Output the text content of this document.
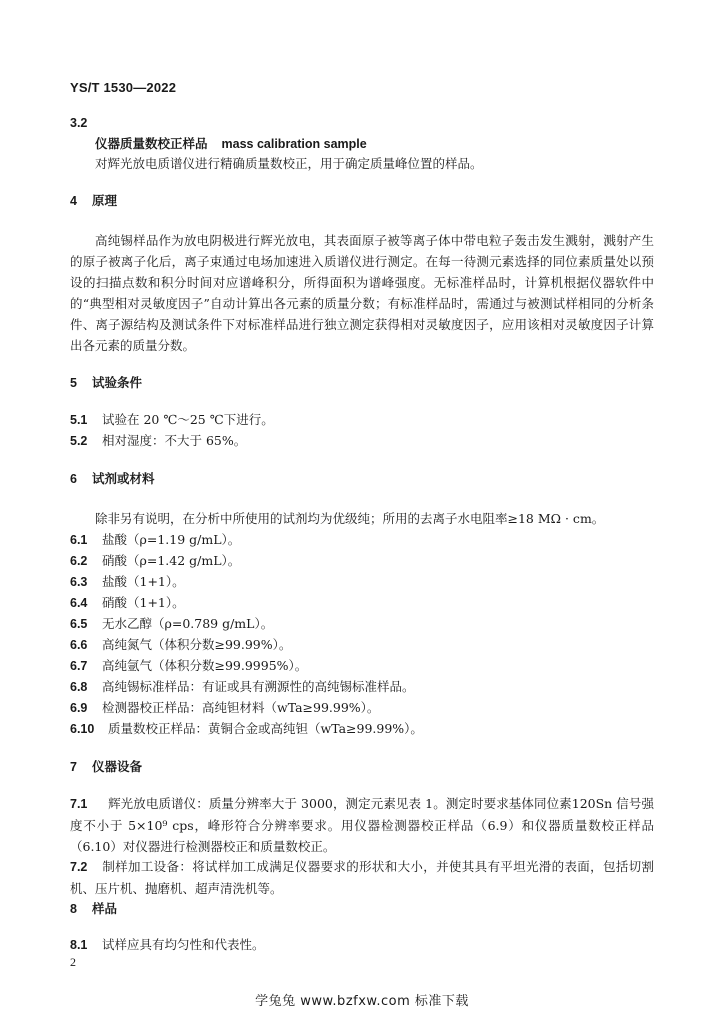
YS/T 1530—2022
3.2
仪器质量数校正样品 mass calibration sample
对辉光放电质谱仪进行精确质量数校正，用于确定质量峰位置的样品。
4 原理
高纯锡样品作为放电阴极进行辉光放电，其表面原子被等离子体中带电粒子轰击发生溅射，溅射产生的原子被离子化后，离子束通过电场加速进入质谱仪进行测定。在每一待测元素选择的同位素质量处以预设的扫描点数和积分时间对应谱峰积分，所得面积为谱峰强度。无标准样品时，计算机根据仪器软件中的“典型相对灵敏度因子”自动计算出各元素的质量分数；有标准样品时，需通过与被测试样相同的分析条件、离子源结构及测试条件下对标准样品进行独立测定获得相对灵敏度因子，应用该相对灵敏度因子计算出各元素的质量分数。
5 试验条件
5.1 试验在 20 ℃～25 ℃下进行。
5.2 相对湿度：不大于 65%。
6 试剂或材料
除非另有说明，在分析中所使用的试剂均为优级纯；所用的去离子水电阻率≥18 MΩ · cm。
6.1 盐酸（ρ=1.19 g/mL）。
6.2 硝酸（ρ=1.42 g/mL）。
6.3 盐酸（1+1）。
6.4 硝酸（1+1）。
6.5 无水乙醇（ρ=0.789 g/mL）。
6.6 高纯氮气（体积分数≥99.99%）。
6.7 高纯氩气（体积分数≥99.9995%）。
6.8 高纯锡标准样品：有证或具有溯源性的高纯锡标准样品。
6.9 检测器校正样品：高纯钽材料（wTa≥99.99%）。
6.10 质量数校正样品：黄铜合金或高纯钽（wTa≥99.99%）。
7 仪器设备
7.1 辉光放电质谱仪：质量分辨率大于 3000，测定元素见表 1。测定时要求基体同位素120Sn 信号强度不小于 5×10⁹ cps，峰形符合分辨率要求。用仪器检测器校正样品（6.9）和仪器质量数校正样品（6.10）对仪器进行检测器校正和质量数校正。
7.2 制样加工设备：将试样加工成满足仪器要求的形状和大小，并使其具有平坦光滑的表面，包括切割机、压片机、抛磨机、超声清洗机等。
8 样品
8.1 试样应具有均匀性和代表性。
2
学兔兔 www.bzfxw.com 标准下载
